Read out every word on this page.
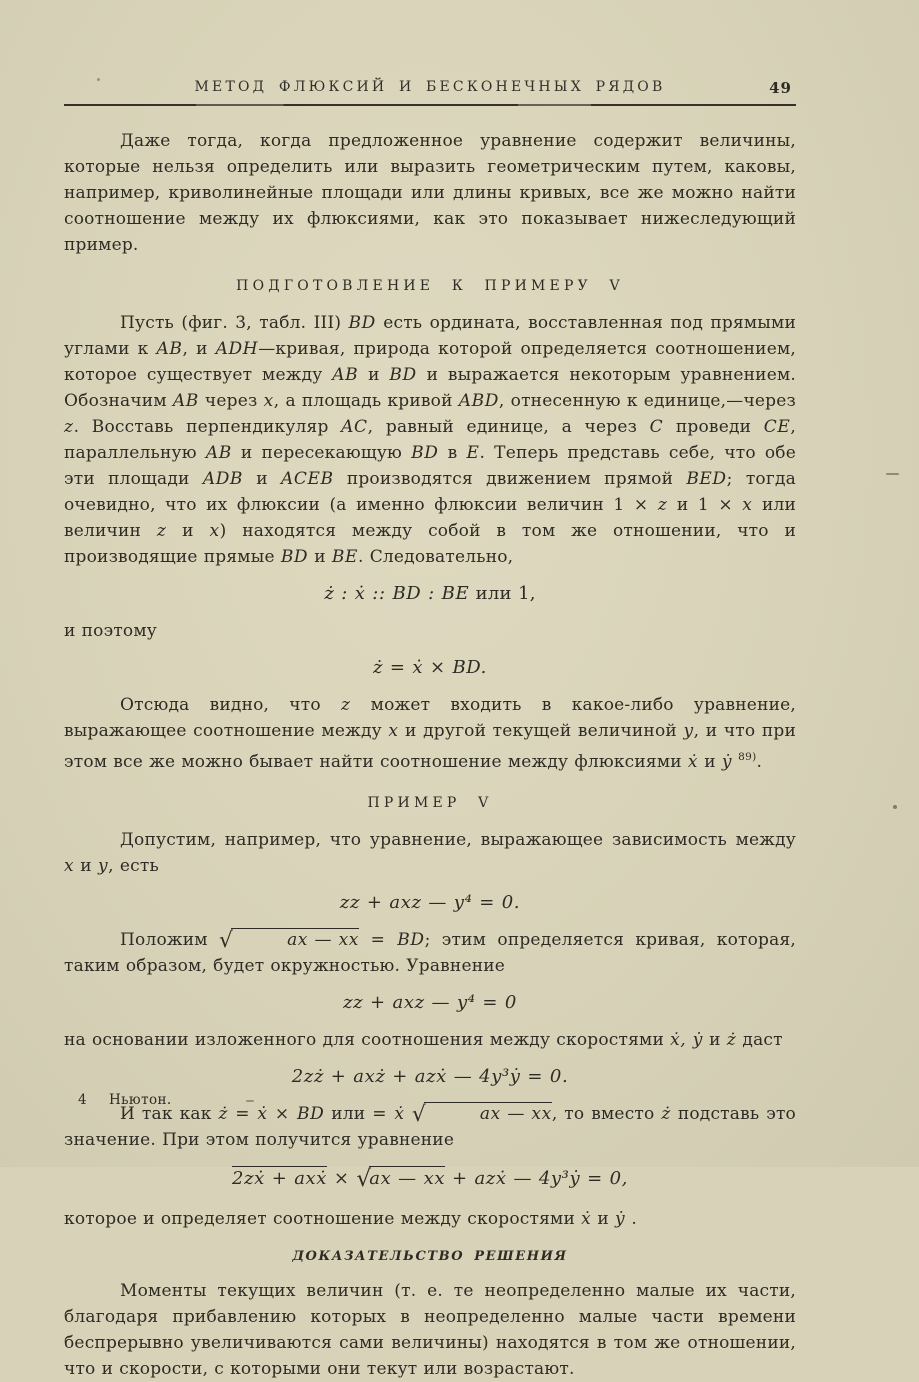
МЕТОД ФЛЮКСИЙ И БЕСКОНЕЧНЫХ РЯДОВ	49

Даже тогда, когда предложенное уравнение содержит величины, которые нельзя определить или выразить геометрическим путем, каковы, например, криволинейные площади или длины кривых, все же можно найти соотношение между их флюксиями, как это показывает нижеследующий пример.

ПОДГОТОВЛЕНИЕ К ПРИМЕРУ V

Пусть (фиг. 3, табл. III) BD есть ордината, восставленная под прямыми углами к AB, и ADH—кривая, природа которой определяется соотношением, которое существует между AB и BD и выражается некоторым уравнением. Обозначим AB через x, а площадь кривой ABD, отнесенную к единице,—через z. Восставь перпендикуляр AC, равный единице, а через C проведи CE, параллельную AB и пересекающую BD в E. Теперь представь себе, что обе эти площади ADB и ACEB производятся движением прямой BED; тогда очевидно, что их флюксии (а именно флюксии величин 1 × z и 1 × x или величин z и x) находятся между собой в том же отношении, что и производящие прямые BD и BE. Следовательно,

ż : ẋ :: BD : BE или 1,

и поэтому

ż = ẋ × BD.

Отсюда видно, что z может входить в какое-либо уравнение, выражающее соотношение между x и другой текущей величиной y, и что при этом все же можно бывает найти соотношение между флюксиями ẋ и ẏ $^{89)}$.

ПРИМЕР V

Допустим, например, что уравнение, выражающее зависимость между x и y, есть

zz + axz — y⁴ = 0.

Положим √	ax — xx = BD; этим определяется кривая, которая, таким образом, будет окружностью. Уравнение

zz + axz — y⁴ = 0

на основании изложенного для соотношения между скоростями ẋ, ẏ и ż даст

2zż + axż + azẋ — 4y³ẏ = 0.

И так как ż = ẋ × BD или = ẋ √	ax — xx, то вместо ż подставь это значение. При этом получится уравнение

2zẋ + axẋ × √ax — xx + azẋ — 4y³ẏ = 0,

которое и определяет соотношение между скоростями ẋ и ẏ .

ДОКАЗАТЕЛЬСТВО РЕШЕНИЯ

Моменты текущих величин (т. е. те неопределенно малые их части, благодаря прибавлению которых в неопределенно малые части времени беспрерывно увеличиваются сами величины) находятся в том же отношении, что и скорости, с которыми они текут или возрастают.

4 Ньютон.
